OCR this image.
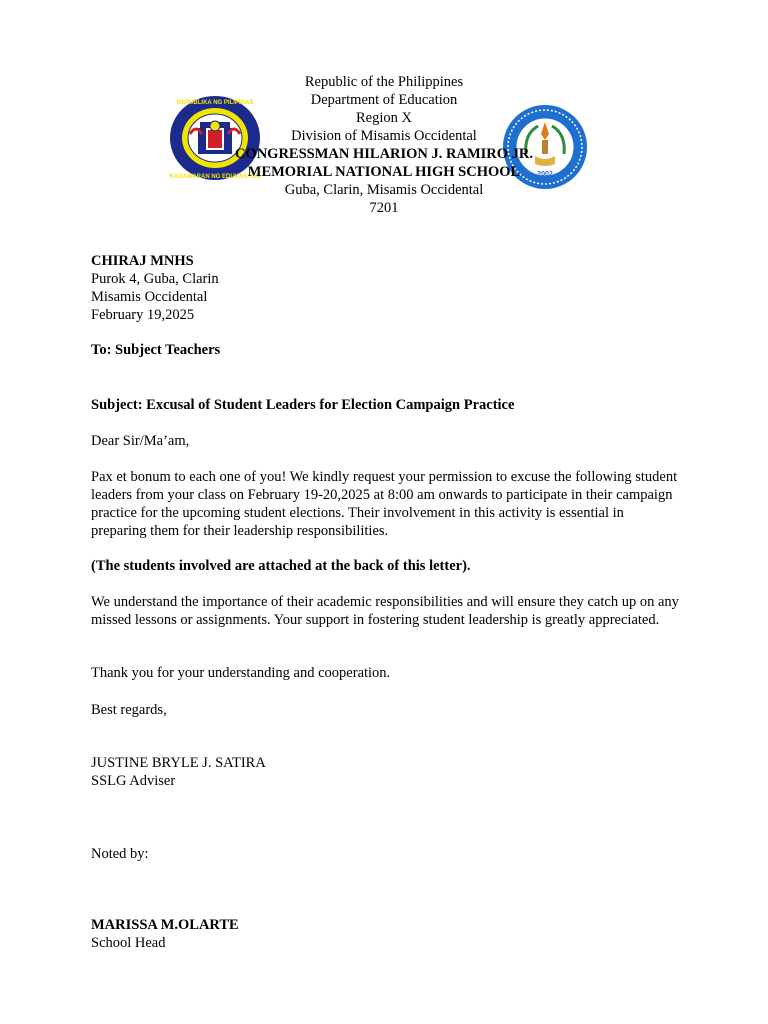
REPUBLIKA NG PILIPINAS
KAGAWARAN NG EDUKASYON	2002
Republic of the Philippines
Department of Education
Region X
Division of Misamis Occidental
CONGRESSMAN HILARION J. RAMIRO JR.
MEMORIAL NATIONAL HIGH SCHOOL
Guba, Clarin, Misamis Occidental
7201
CHIRAJ MNHS
Purok 4, Guba, Clarin
Misamis Occidental
February 19,2025
To: Subject Teachers
Subject: Excusal of Student Leaders for Election Campaign Practice
Dear Sir/Ma’am,
Pax et bonum to each one of you! We kindly request your permission to excuse the following student leaders from your class on February 19-20,2025 at 8:00 am onwards to participate in their campaign practice for the upcoming student elections. Their involvement in this activity is essential in preparing them for their leadership responsibilities.
(The students involved are attached at the back of this letter).
We understand the importance of their academic responsibilities and will ensure they catch up on any missed lessons or assignments. Your support in fostering student leadership is greatly appreciated.
Thank you for your understanding and cooperation.
Best regards,
JUSTINE BRYLE J. SATIRA
SSLG Adviser
Noted by:
MARISSA M.OLARTE
School Head
